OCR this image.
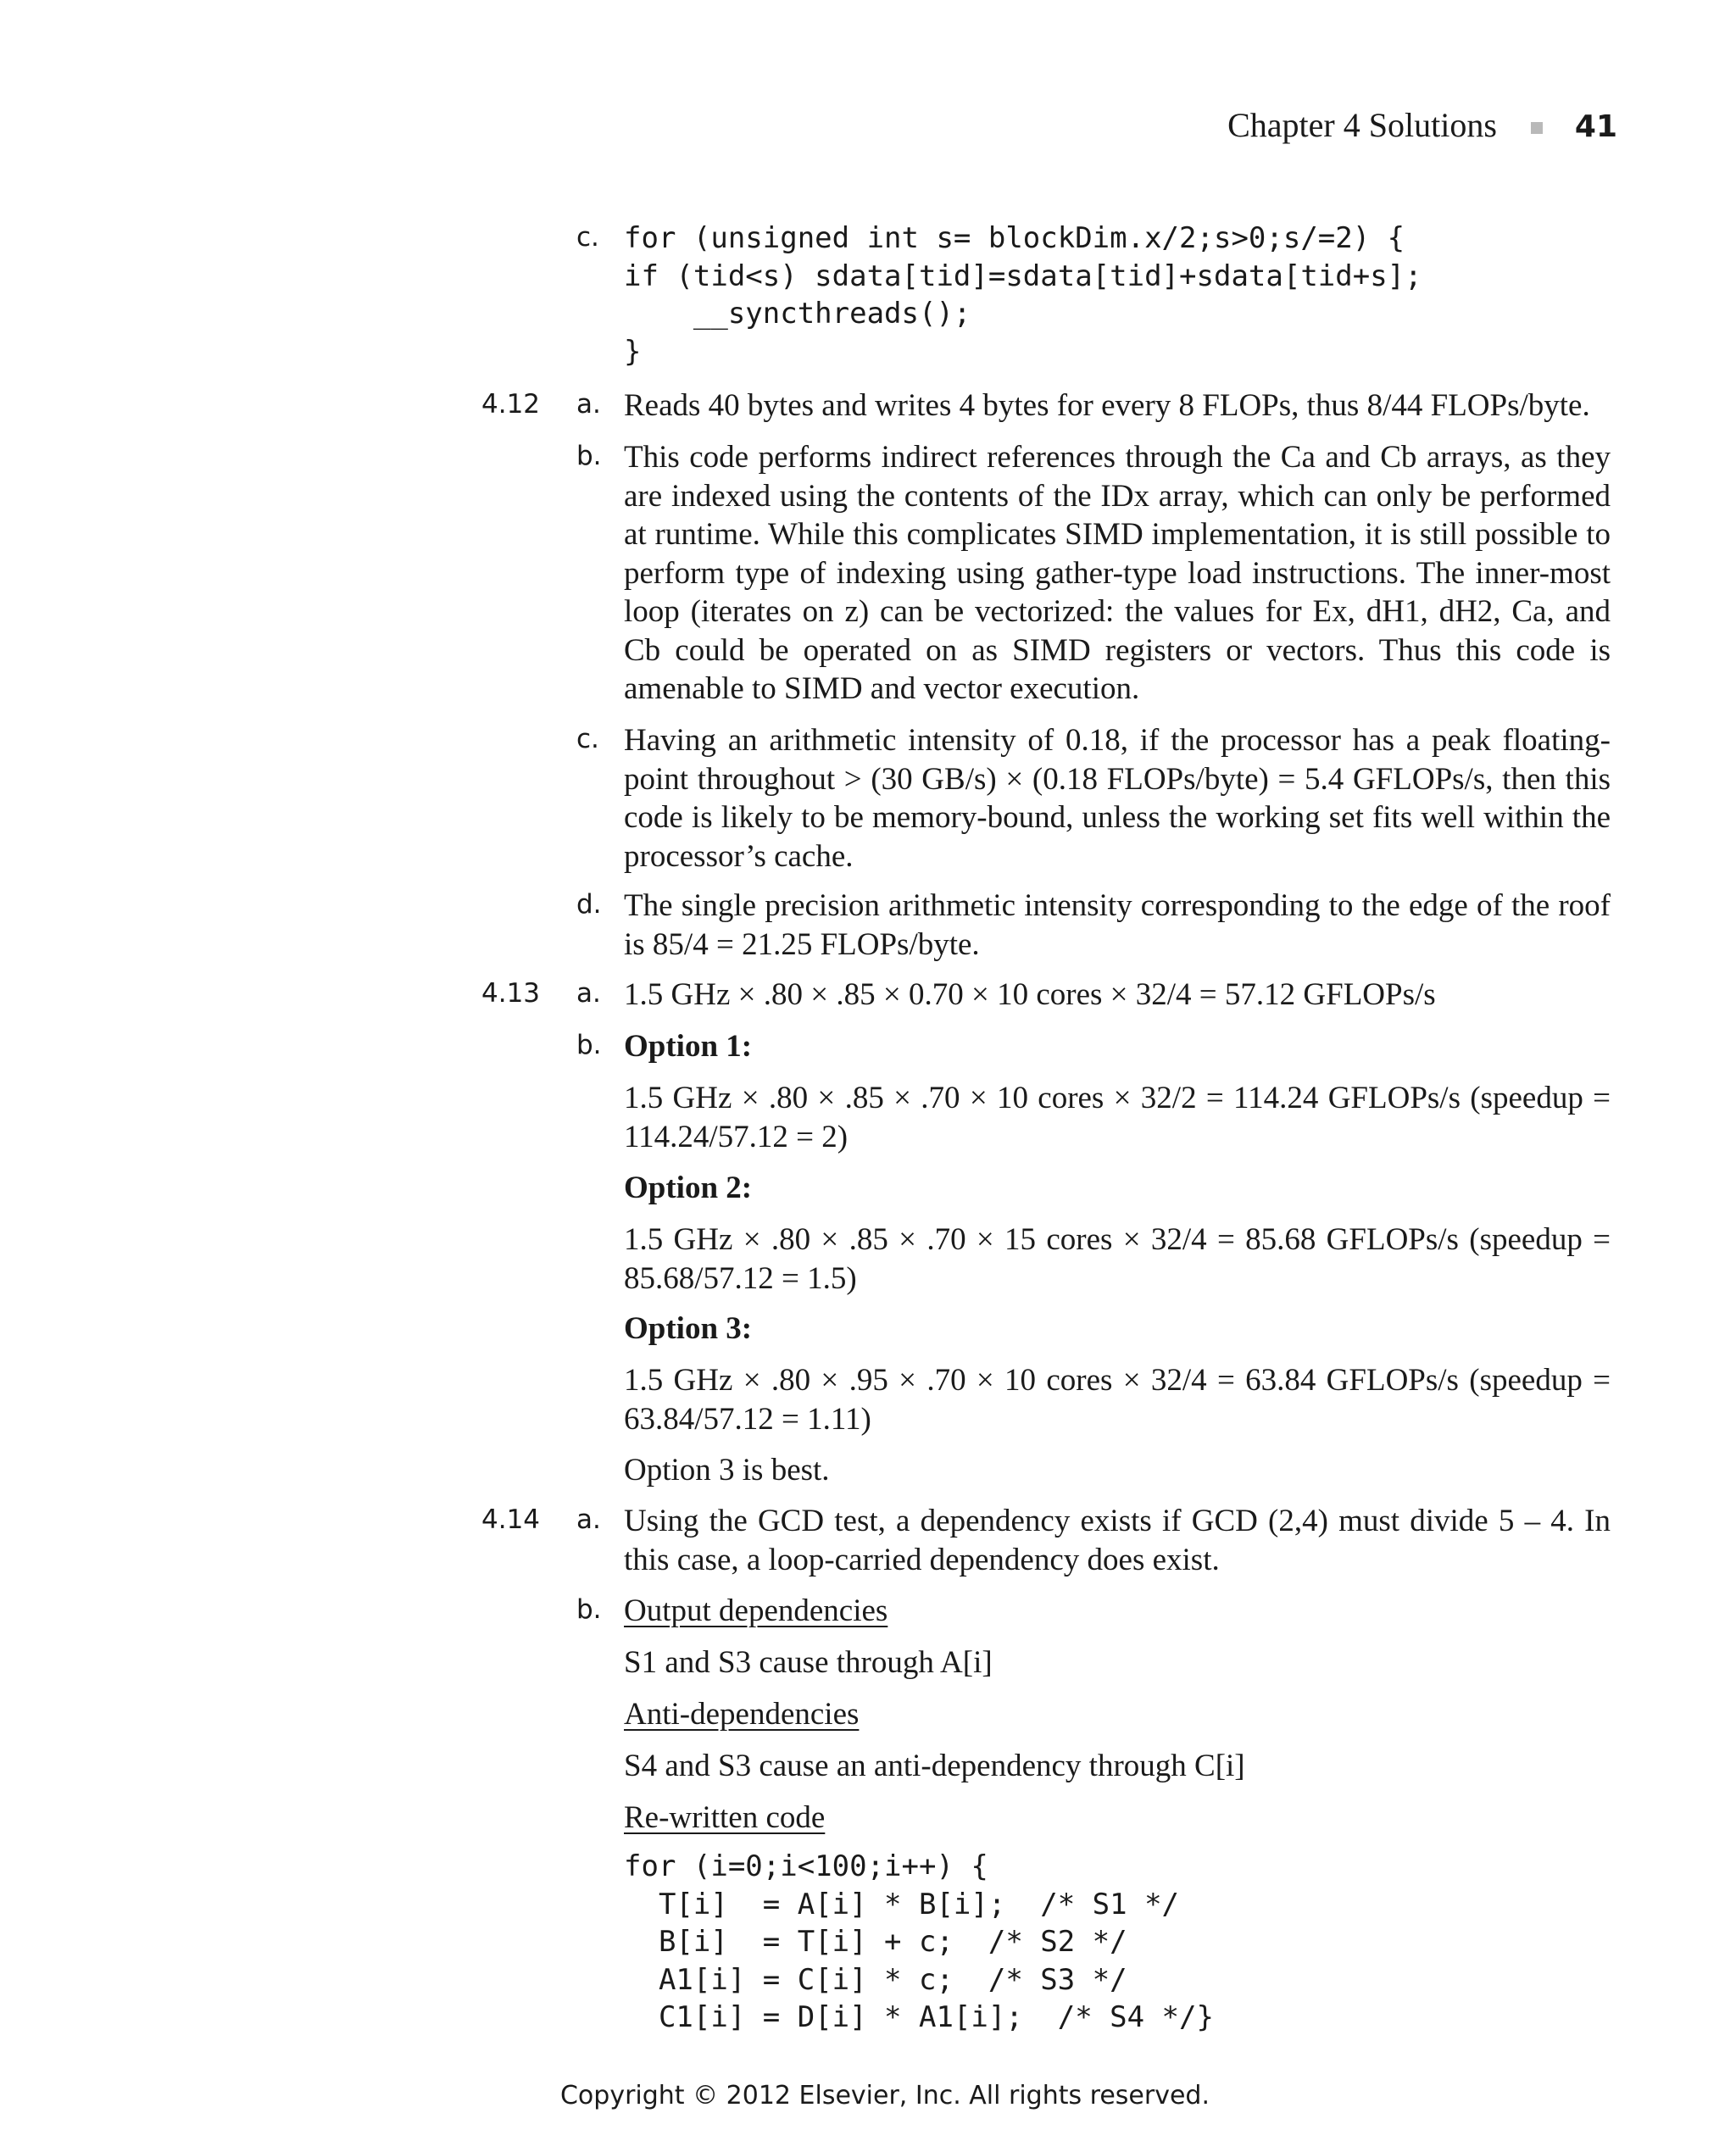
Chapter 4 Solutions	41
c. for (unsigned int s= blockDim.x/2;s>0;s/=2) {
if (tid<s) sdata[tid]=sdata[tid]+sdata[tid+s];
__syncthreads();
}
4.12 a. Reads 40 bytes and writes 4 bytes for every 8 FLOPs, thus 8/44 FLOPs/byte.
b. This code performs indirect references through the Ca and Cb arrays, as they are indexed using the contents of the IDx array, which can only be performed at runtime. While this complicates SIMD implementation, it is still possible to perform type of indexing using gather-type load instructions. The inner-most loop (iterates on z) can be vectorized: the values for Ex, dH1, dH2, Ca, and Cb could be operated on as SIMD registers or vectors. Thus this code is amenable to SIMD and vector execution.
c. Having an arithmetic intensity of 0.18, if the processor has a peak floating-point throughout > (30 GB/s) × (0.18 FLOPs/byte) = 5.4 GFLOPs/s, then this code is likely to be memory-bound, unless the working set fits well within the processor’s cache.
d. The single precision arithmetic intensity corresponding to the edge of the roof is 85/4 = 21.25 FLOPs/byte.
4.13 a. 1.5 GHz × .80 × .85 × 0.70 × 10 cores × 32/4 = 57.12 GFLOPs/s
b. Option 1:
1.5 GHz × .80 × .85 × .70 × 10 cores × 32/2 = 114.24 GFLOPs/s (speedup = 114.24/57.12 = 2)
Option 2:
1.5 GHz × .80 × .85 × .70 × 15 cores × 32/4 = 85.68 GFLOPs/s (speedup = 85.68/57.12 = 1.5)
Option 3:
1.5 GHz × .80 × .95 × .70 × 10 cores × 32/4 = 63.84 GFLOPs/s (speedup = 63.84/57.12 = 1.11)
Option 3 is best.
4.14 a. Using the GCD test, a dependency exists if GCD (2,4) must divide 5 – 4. In this case, a loop-carried dependency does exist.
b. Output dependencies
S1 and S3 cause through A[i]
Anti-dependencies
S4 and S3 cause an anti-dependency through C[i]
Re-written code
for (i=0;i<100;i++) {
T[i]  = A[i] * B[i];  /* S1 */
B[i]  = T[i] + c;  /* S2 */
A1[i] = C[i] * c;  /* S3 */
C1[i] = D[i] * A1[i];  /* S4 */}
Copyright © 2012 Elsevier, Inc. All rights reserved.
